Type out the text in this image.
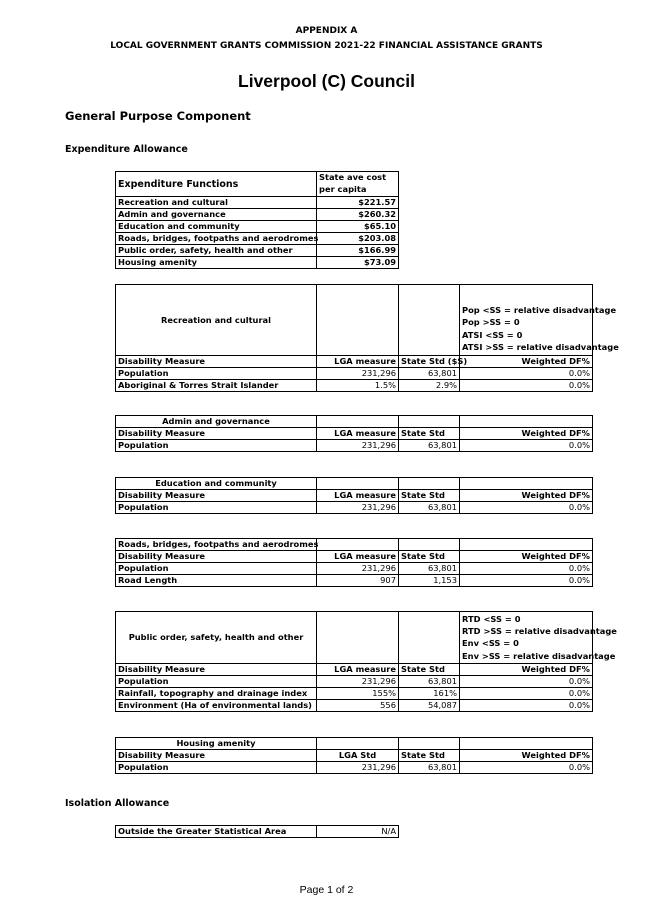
APPENDIX A
LOCAL GOVERNMENT GRANTS COMMISSION 2021-22 FINANCIAL ASSISTANCE GRANTS
Liverpool (C) Council
General Purpose Component
Expenditure Allowance
Expenditure Functions	State ave cost per capita
Recreation and cultural	$221.57
Admin and governance	$260.32
Education and community	$65.10
Roads, bridges, footpaths and aerodromes	$203.08
Public order, safety, health and other	$166.99
Housing amenity	$73.09
Recreation and cultural			Pop <SS = relative disadvantage
Pop >SS = 0
ATSI <SS = 0
ATSI >SS = relative disadvantage

Disability Measure	LGA measure	State Std ($S)	Weighted DF%
Population	231,296	63,801	0.0%
Aboriginal & Torres Strait Islander	1.5%	2.9%	0.0%
Admin and governance			
Disability Measure	LGA measure	State Std	Weighted DF%
Population	231,296	63,801	0.0%
Education and community			
Disability Measure	LGA measure	State Std	Weighted DF%
Population	231,296	63,801	0.0%
Roads, bridges, footpaths and aerodromes			
Disability Measure	LGA measure	State Std	Weighted DF%
Population	231,296	63,801	0.0%
Road Length	907	1,153	0.0%
Public order, safety, health and other			RTD <SS = 0
RTD >SS = relative disadvantage
Env <SS = 0
Env >SS = relative disadvantage

Disability Measure	LGA measure	State Std	Weighted DF%
Population	231,296	63,801	0.0%
Rainfall, topography and drainage index	155%	161%	0.0%
Environment (Ha of environmental lands)	556	54,087	0.0%
Housing amenity			
Disability Measure	LGA Std	State Std	Weighted DF%
Population	231,296	63,801	0.0%
Isolation Allowance
Outside the Greater Statistical Area	N/A
Page 1 of 2
